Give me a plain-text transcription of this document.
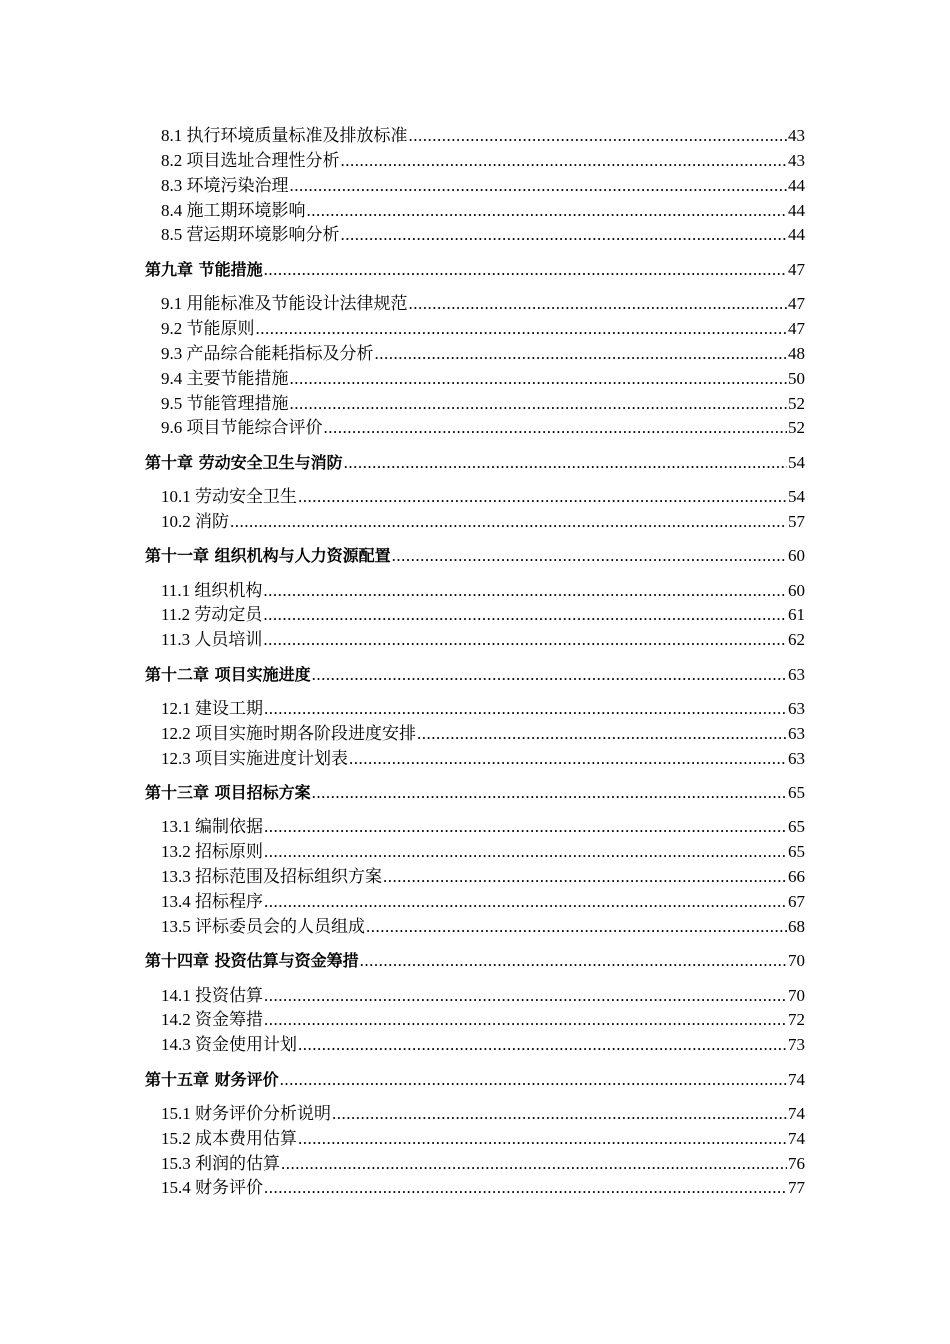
8.1 执行环境质量标准及排放标准 .....	43
8.2 项目选址合理性分析 .....	43
8.3 环境污染治理 .....	44
8.4 施工期环境影响 .....	44
8.5 营运期环境影响分析 .....	44
第九章 节能措施 .....	47
9.1 用能标准及节能设计法律规范 .....	47
9.2 节能原则 .....	47
9.3 产品综合能耗指标及分析 .....	48
9.4 主要节能措施 .....	50
9.5 节能管理措施 .....	52
9.6 项目节能综合评价 .....	52
第十章 劳动安全卫生与消防 .....	54
10.1 劳动安全卫生 .....	54
10.2 消防 .....	57
第十一章 组织机构与人力资源配置 .....	60
11.1 组织机构 .....	60
11.2 劳动定员 .....	61
11.3 人员培训 .....	62
第十二章 项目实施进度 .....	63
12.1 建设工期 .....	63
12.2 项目实施时期各阶段进度安排 .....	63
12.3 项目实施进度计划表 .....	63
第十三章 项目招标方案 .....	65
13.1 编制依据 .....	65
13.2 招标原则 .....	65
13.3 招标范围及招标组织方案 .....	66
13.4 招标程序 .....	67
13.5 评标委员会的人员组成 .....	68
第十四章 投资估算与资金筹措 .....	70
14.1 投资估算 .....	70
14.2 资金筹措 .....	72
14.3 资金使用计划 .....	73
第十五章 财务评价 .....	74
15.1 财务评价分析说明 .....	74
15.2 成本费用估算 .....	74
15.3 利润的估算 .....	76
15.4 财务评价 .....	77
